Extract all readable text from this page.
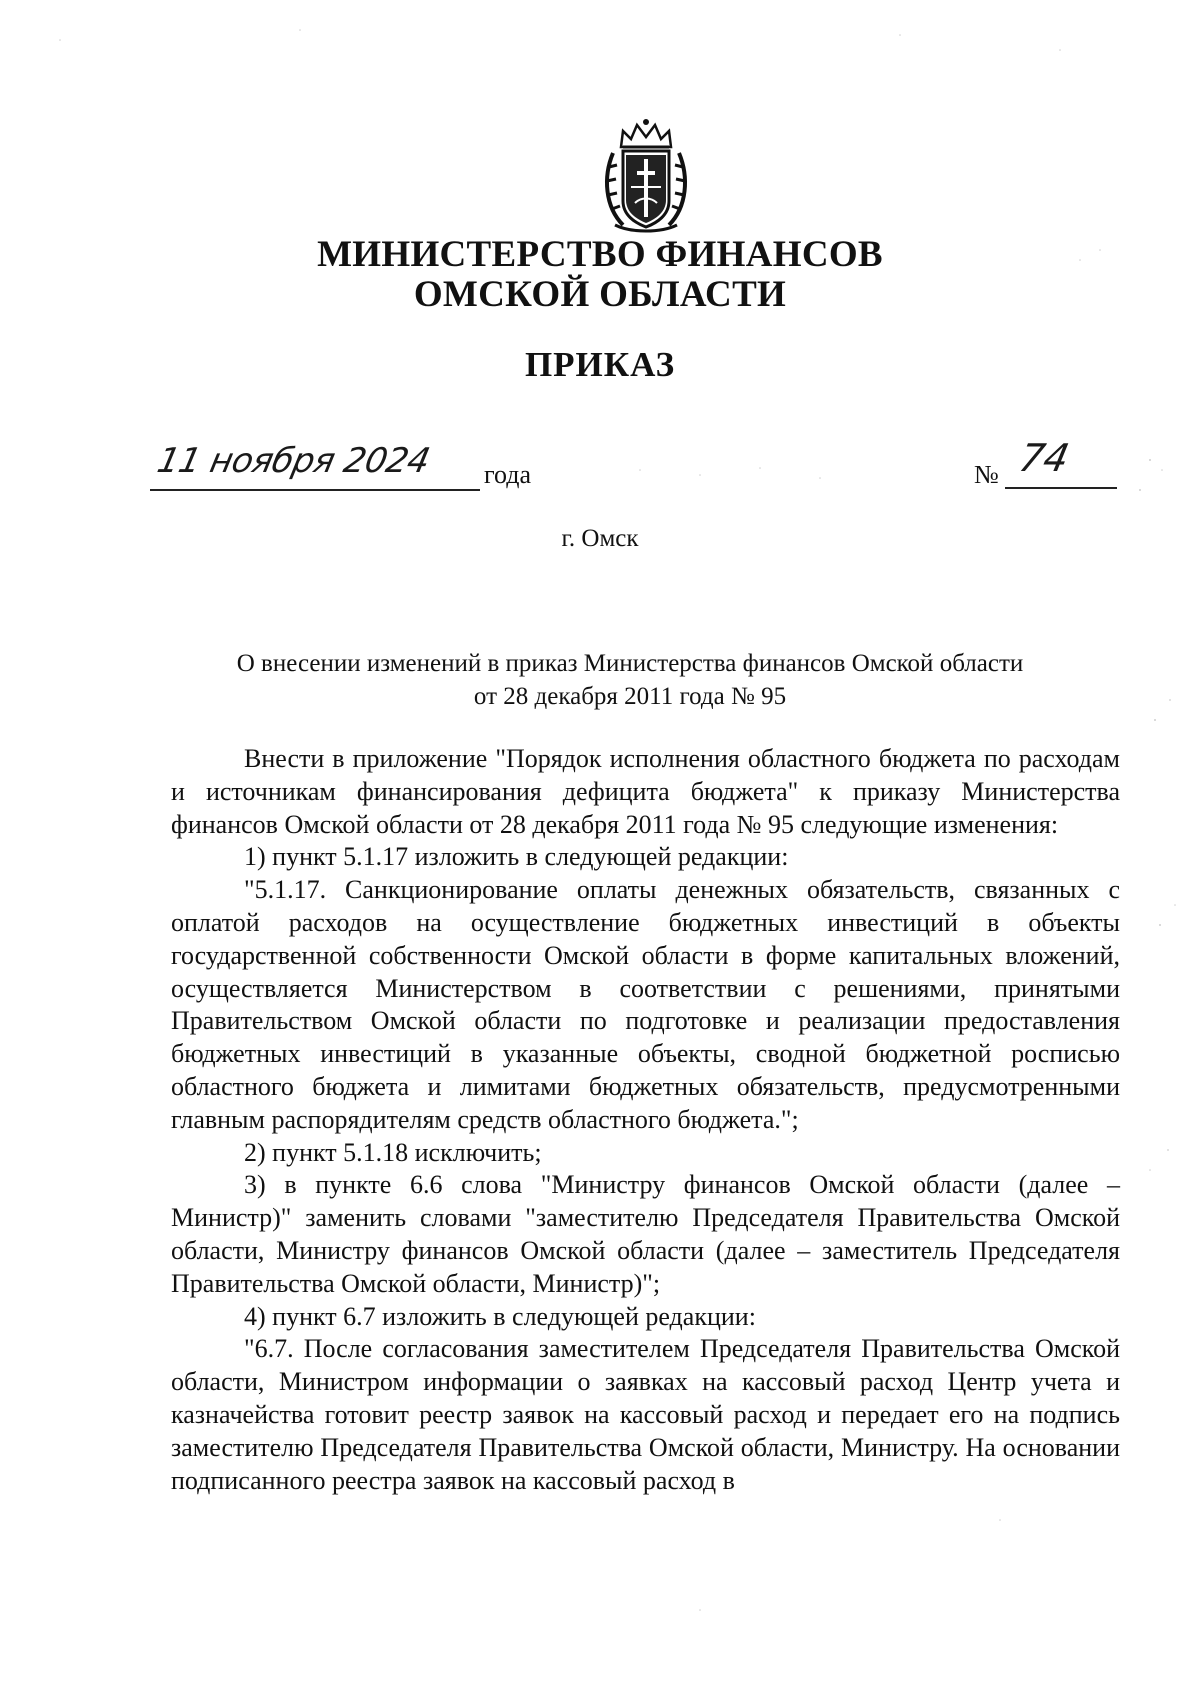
МИНИСТЕРСТВО ФИНАНСОВ
ОМСКОЙ ОБЛАСТИ
ПРИКАЗ
11 ноября 2024 года	№ 74
г. Омск
О внесении изменений в приказ Министерства финансов Омской области
от 28 декабря 2011 года № 95

Внести в приложение "Порядок исполнения областного бюджета по расходам и источникам финансирования дефицита бюджета" к приказу Министерства финансов Омской области от 28 декабря 2011 года № 95 следующие изменения:

1) пункт 5.1.17 изложить в следующей редакции:

"5.1.17. Санкционирование оплаты денежных обязательств, связанных с оплатой расходов на осуществление бюджетных инвестиций в объекты государственной собственности Омской области в форме капитальных вложений, осуществляется Министерством в соответствии с решениями, принятыми Правительством Омской области по подготовке и реализации предоставления бюджетных инвестиций в указанные объекты, сводной бюджетной росписью областного бюджета и лимитами бюджетных обязательств, предусмотренными главным распорядителям средств областного бюджета.";

2) пункт 5.1.18 исключить;

3) в пункте 6.6 слова "Министру финансов Омской области (далее – Министр)" заменить словами "заместителю Председателя Правительства Омской области, Министру финансов Омской области (далее – заместитель Председателя Правительства Омской области, Министр)";

4) пункт 6.7 изложить в следующей редакции:

"6.7. После согласования заместителем Председателя Правительства Омской области, Министром информации о заявках на кассовый расход Центр учета и казначейства готовит реестр заявок на кассовый расход и передает его на подпись заместителю Председателя Правительства Омской области, Министру. На основании подписанного реестра заявок на кассовый расход в
